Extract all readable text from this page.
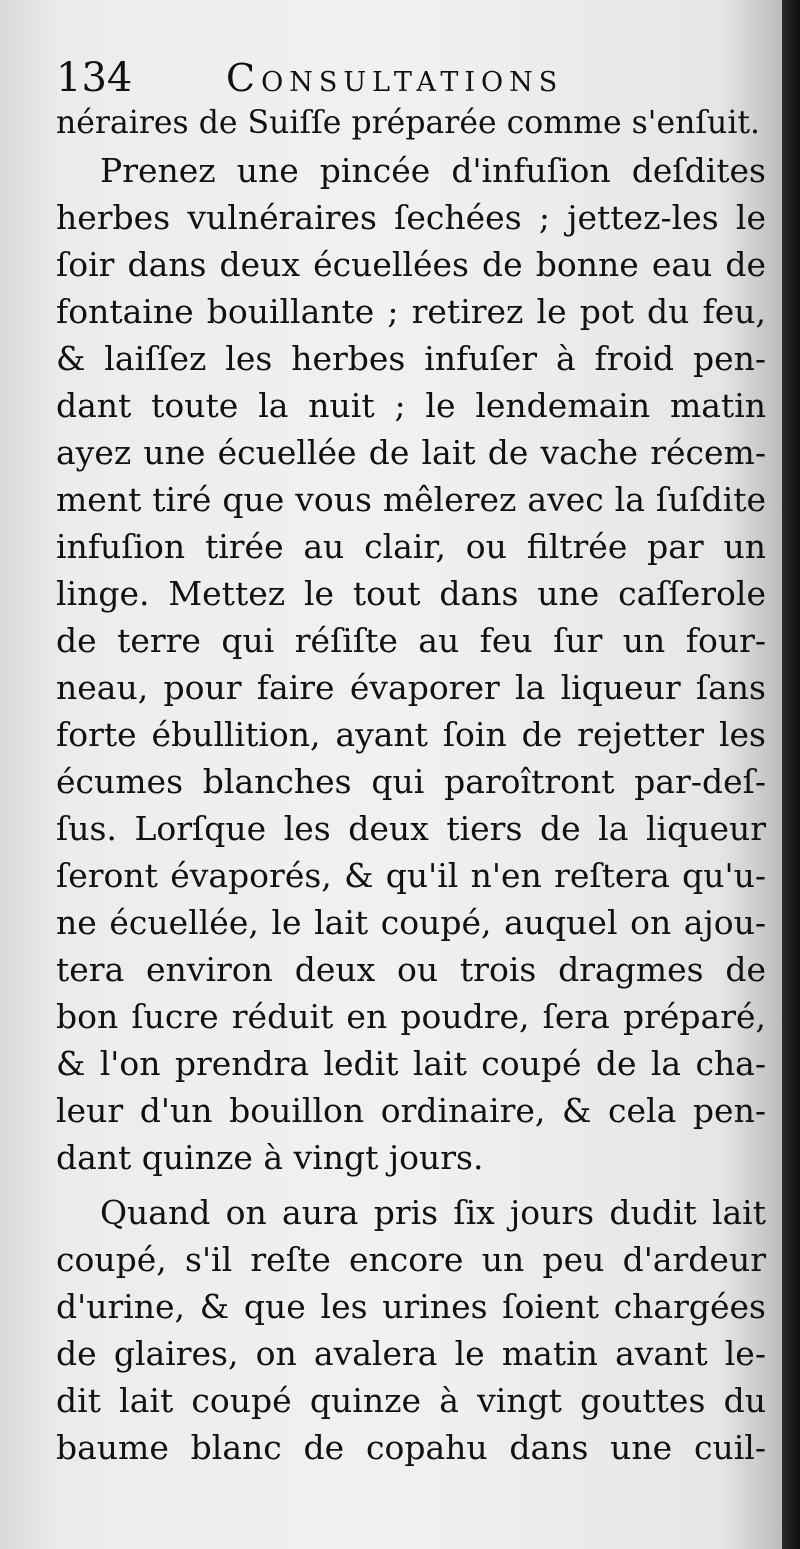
134 Consultations
néraires de Suiſſe préparée comme s'enſuit.
Prenez une pincée d'infuſion deſdites
herbes vulnéraires ſechées ; jettez-les le
ſoir dans deux écuellées de bonne eau de
fontaine bouillante ; retirez le pot du feu,
& laiſſez les herbes infuſer à froid pen-
dant toute la nuit ; le lendemain matin
ayez une écuellée de lait de vache récem-
ment tiré que vous mêlerez avec la ſuſdite
infuſion tirée au clair, ou filtrée par un
linge. Mettez le tout dans une caſſerole
de terre qui réſiſte au feu ſur un four-
neau, pour faire évaporer la liqueur ſans
forte ébullition, ayant ſoin de rejetter les
écumes blanches qui paroîtront par-deſ-
ſus. Lorſque les deux tiers de la liqueur
ſeront évaporés, & qu'il n'en reſtera qu'u-
ne écuellée, le lait coupé, auquel on ajou-
tera environ deux ou trois dragmes de
bon ſucre réduit en poudre, ſera préparé,
& l'on prendra ledit lait coupé de la cha-
leur d'un bouillon ordinaire, & cela pen-
dant quinze à vingt jours.
Quand on aura pris ſix jours dudit lait
coupé, s'il reſte encore un peu d'ardeur
d'urine, & que les urines ſoient chargées
de glaires, on avalera le matin avant le-
dit lait coupé quinze à vingt gouttes du
baume blanc de copahu dans une cuil-
